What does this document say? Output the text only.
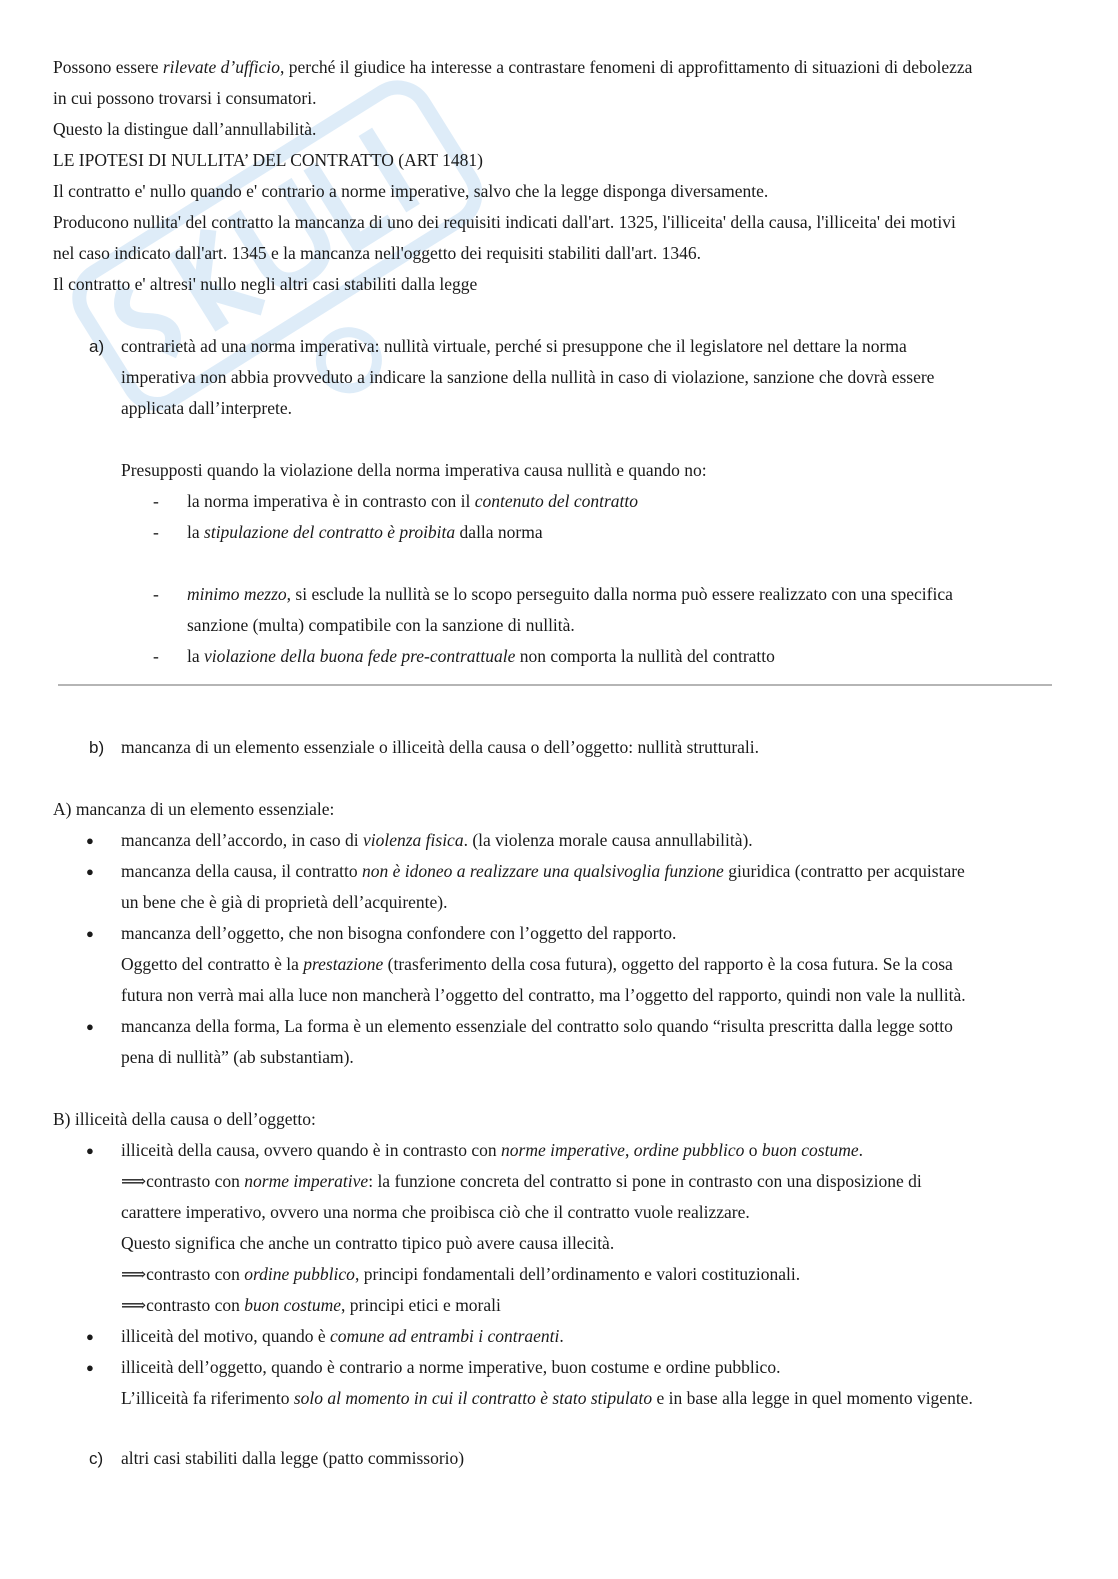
Possono essere rilevate d’ufficio, perché il giudice ha interesse a contrastare fenomeni di approfittamento di situazioni di debolezza
in cui possono trovarsi i consumatori.
Questo la distingue dall’annullabilità.
LE IPOTESI DI NULLITA’ DEL CONTRATTO (ART 1481)
Il contratto e' nullo quando e' contrario a norme imperative, salvo che la legge disponga diversamente.
Producono nullita' del contratto la mancanza di uno dei requisiti indicati dall'art. 1325, l'illiceita' della causa, l'illiceita' dei motivi
nel caso indicato dall'art. 1345 e la mancanza nell'oggetto dei requisiti stabiliti dall'art. 1346.
Il contratto e' altresi' nullo negli altri casi stabiliti dalla legge
a) contrarietà ad una norma imperativa: nullità virtuale, perché si presuppone che il legislatore nel dettare la norma
imperativa non abbia provveduto a indicare la sanzione della nullità in caso di violazione, sanzione che dovrà essere
applicata dall’interprete.
Presupposti quando la violazione della norma imperativa causa nullità e quando no:
- la norma imperativa è in contrasto con il contenuto del contratto
- la stipulazione del contratto è proibita dalla norma
- minimo mezzo, si esclude la nullità se lo scopo perseguito dalla norma può essere realizzato con una specifica
sanzione (multa) compatibile con la sanzione di nullità.
- la violazione della buona fede pre-contrattuale non comporta la nullità del contratto
b) mancanza di un elemento essenziale o illiceità della causa o dell’oggetto: nullità strutturali.
A) mancanza di un elemento essenziale:
● mancanza dell’accordo, in caso di violenza fisica. (la violenza morale causa annullabilità).
● mancanza della causa, il contratto non è idoneo a realizzare una qualsivoglia funzione giuridica (contratto per acquistare
un bene che è già di proprietà dell’acquirente).
● mancanza dell’oggetto, che non bisogna confondere con l’oggetto del rapporto.
Oggetto del contratto è la prestazione (trasferimento della cosa futura), oggetto del rapporto è la cosa futura. Se la cosa
futura non verrà mai alla luce non mancherà l’oggetto del contratto, ma l’oggetto del rapporto, quindi non vale la nullità.
● mancanza della forma, La forma è un elemento essenziale del contratto solo quando “risulta prescritta dalla legge sotto
pena di nullità” (ab substantiam).
B) illiceità della causa o dell’oggetto:
● illiceità della causa, ovvero quando è in contrasto con norme imperative, ordine pubblico o buon costume.
⟹contrasto con norme imperative: la funzione concreta del contratto si pone in contrasto con una disposizione di
carattere imperativo, ovvero una norma che proibisca ciò che il contratto vuole realizzare.
Questo significa che anche un contratto tipico può avere causa illecità.
⟹contrasto con ordine pubblico, principi fondamentali dell’ordinamento e valori costituzionali.
⟹contrasto con buon costume, principi etici e morali
● illiceità del motivo, quando è comune ad entrambi i contraenti.
● illiceità dell’oggetto, quando è contrario a norme imperative, buon costume e ordine pubblico.
L’illiceità fa riferimento solo al momento in cui il contratto è stato stipulato e in base alla legge in quel momento vigente.
c) altri casi stabiliti dalla legge (patto commissorio)
